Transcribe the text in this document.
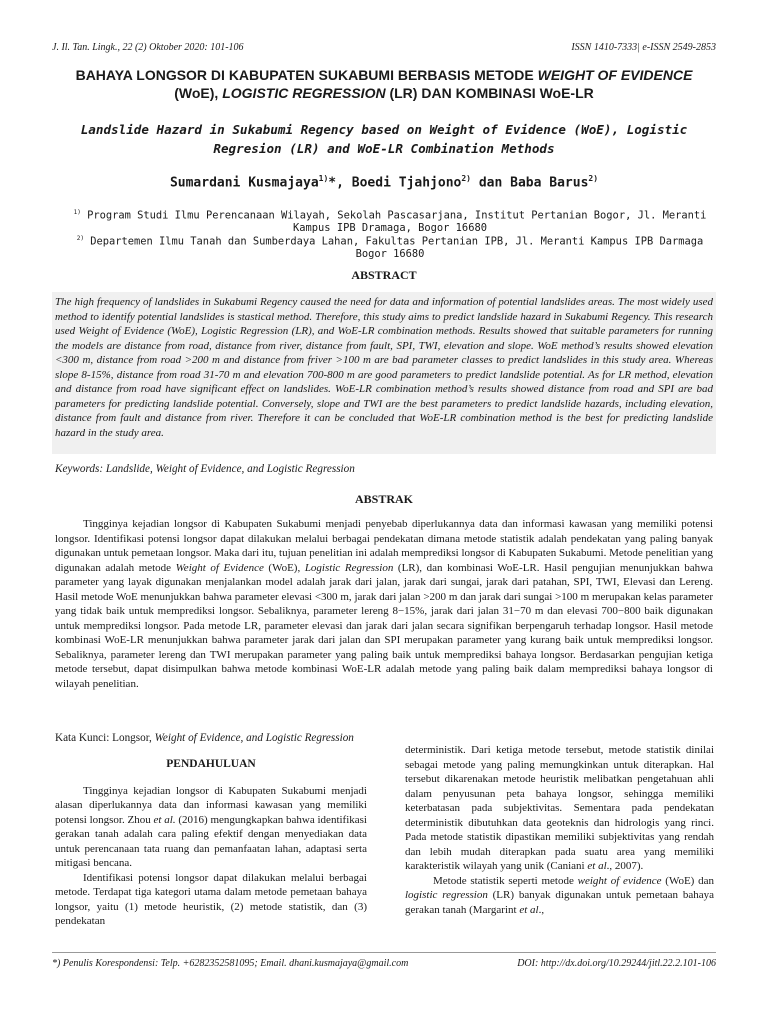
J. Il. Tan. Lingk., 22 (2) Oktober 2020: 101-106	ISSN 1410-7333| e-ISSN 2549-2853
BAHAYA LONGSOR DI KABUPATEN SUKABUMI BERBASIS METODE WEIGHT OF EVIDENCE (WoE), LOGISTIC REGRESSION (LR) DAN KOMBINASI WoE-LR
Landslide Hazard in Sukabumi Regency based on Weight of Evidence (WoE), Logistic Regresion (LR) and WoE-LR Combination Methods
Sumardani Kusmajaya$^{1)}$*, Boedi Tjahjono$^{2)}$ dan Baba Barus$^{2)}$
$^{1)}$ Program Studi Ilmu Perencanaan Wilayah, Sekolah Pascasarjana, Institut Pertanian Bogor, Jl. Meranti Kampus IPB Dramaga, Bogor 16680
$^{2)}$ Departemen Ilmu Tanah dan Sumberdaya Lahan, Fakultas Pertanian IPB, Jl. Meranti Kampus IPB Darmaga Bogor 16680
ABSTRACT
The high frequency of landslides in Sukabumi Regency caused the need for data and information of potential landslides areas. The most widely used method to identify potential landslides is stastical method. Therefore, this study aims to predict landslide hazard in Sukabumi Regency. This research used Weight of Evidence (WoE), Logistic Regression (LR), and WoE-LR combination methods. Results showed that suitable parameters for running the models are distance from road, distance from river, distance from fault, SPI, TWI, elevation and slope. WoE method’s results showed elevation <300 m, distance from road >200 m and distance from friver >100 m are bad parameter classes to predict landslides in this study area. Whereas slope 8-15%, distance from road 31-70 m and elevation 700-800 m are good parameters to predict landslide potential. As for LR method, elevation and distance from road have significant effect on landslides. WoE-LR combination method’s results showed distance from road and SPI are bad parameters for predicting landslide potential. Conversely, slope and TWI are the best parameters to predict landslide hazards, including elevation, distance from fault and distance from river. Therefore it can be concluded that WoE-LR combination method is the best for predicting landslide hazard in the study area.
Keywords: Landslide, Weight of Evidence, and Logistic Regression
ABSTRAK
Tingginya kejadian longsor di Kabupaten Sukabumi menjadi penyebab diperlukannya data dan informasi kawasan yang memiliki potensi longsor. Identifikasi potensi longsor dapat dilakukan melalui berbagai pendekatan dimana metode statistik adalah pendekatan yang paling banyak digunakan untuk pemetaan longsor. Maka dari itu, tujuan penelitian ini adalah memprediksi longsor di Kabupaten Sukabumi. Metode penelitian yang digunakan adalah metode Weight of Evidence (WoE), Logistic Regression (LR), dan kombinasi WoE-LR. Hasil pengujian menunjukkan bahwa parameter yang layak digunakan menjalankan model adalah jarak dari jalan, jarak dari sungai, jarak dari patahan, SPI, TWI, Elevasi dan Lereng. Hasil metode WoE menunjukkan bahwa parameter elevasi <300 m, jarak dari jalan >200 m dan jarak dari sungai >100 m merupakan kelas parameter yang tidak baik untuk memprediksi longsor. Sebaliknya, parameter lereng 8−15%, jarak dari jalan 31−70 m dan elevasi 700−800 baik digunakan untuk memprediksi longsor. Pada metode LR, parameter elevasi dan jarak dari jalan secara signifikan berpengaruh terhadap longsor. Hasil metode kombinasi WoE-LR menunjukkan bahwa parameter jarak dari jalan dan SPI merupakan parameter yang kurang baik untuk memprediksi longsor. Sebaliknya, parameter lereng dan TWI merupakan parameter yang paling baik untuk memprediksi bahaya longsor. Berdasarkan pengujian ketiga metode tersebut, dapat disimpulkan bahwa metode kombinasi WoE-LR adalah metode yang paling baik dalam memprediksi bahaya longsor di wilayah penelitian.
Kata Kunci: Longsor, Weight of Evidence, and Logistic Regression
PENDAHULUAN

Tingginya kejadian longsor di Kabupaten Sukabumi menjadi alasan diperlukannya data dan informasi kawasan yang memiliki potensi longsor. Zhou et al. (2016) mengungkapkan bahwa identifikasi gerakan tanah adalah cara paling efektif dengan menyediakan data untuk perencanaan tata ruang dan pemanfaatan lahan, adaptasi serta mitigasi bencana.

Identifikasi potensi longsor dapat dilakukan melalui berbagai metode. Terdapat tiga kategori utama dalam metode pemetaan bahaya longsor, yaitu (1) metode heuristik, (2) metode statistik, dan (3) pendekatan

deterministik. Dari ketiga metode tersebut, metode statistik dinilai sebagai metode yang paling memungkinkan untuk diterapkan. Hal tersebut dikarenakan metode heuristik melibatkan pengetahuan ahli dalam penyusunan peta bahaya longsor, sehingga memiliki keterbatasan pada subjektivitas. Sementara pada pendekatan deterministik dibutuhkan data geoteknis dan hidrologis yang rinci. Pada metode statistik dipastikan memiliki subjektivitas yang rendah dan lebih mudah diterapkan pada suatu area yang memiliki karakteristik wilayah yang unik (Caniani et al., 2007).

Metode statistik seperti metode weight of evidence (WoE) dan logistic regression (LR) banyak digunakan untuk pemetaan bahaya gerakan tanah (Margarint et al.,

*) Penulis Korespondensi: Telp. +6282352581095; Email. dhani.kusmajaya@gmail.com	DOI: http://dx.doi.org/10.29244/jitl.22.2.101-106
